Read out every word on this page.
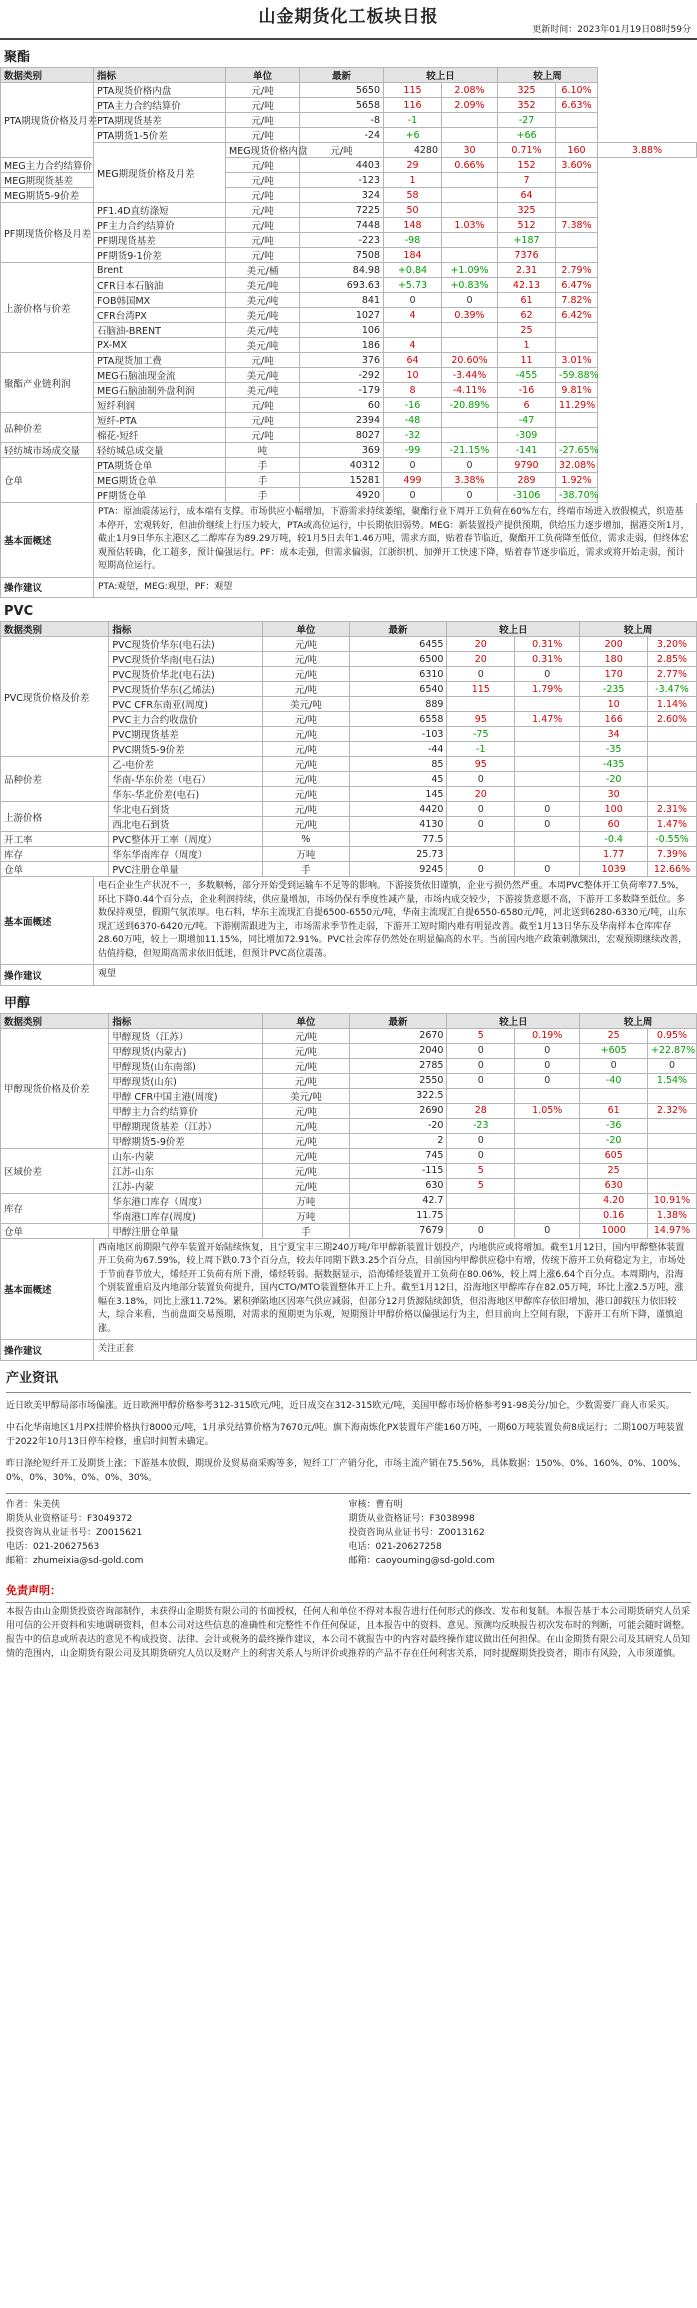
山金期货化工板块日报
更新时间：2023年01月19日08时59分
聚酯
数据类别	指标	单位	最新	较上日		较上周		
PTA期现货价格及月差	PTA现货价格内盘	元/吨	5650	115	2.08%	325	6.10%	
	PTA主力合约结算价	元/吨	5658	116	2.09%	352	6.63%	
	PTA期现货基差	元/吨	-8	-1		-27		
	PTA期货1-5价差	元/吨	-24	+6		+66		
	MEG期现货价格及月差	MEG现货价格内盘	元/吨	4280	30	0.71%	160	3.88%
MEG主力合约结算价		元/吨	4403	29	0.66%	152	3.60%	
MEG期现货基差		元/吨	-123	1		7		
MEG期货5-9价差		元/吨	324	58		64		
PF期现货价格及月差	PF1.4D直纺涤短	元/吨	7225	50		325		
	PF主力合约结算价	元/吨	7448	148	1.03%	512	7.38%	
	PF期现货基差	元/吨	-223	-98		+187		
	PF期货9-1价差	元/吨	7508	184		7376		
上游价格与价差	Brent	美元/桶	84.98	+0.84	+1.09%	2.31	2.79%	
	CFR日本石脑油	美元/吨	693.63	+5.73	+0.83%	42.13	6.47%	
	FOB韩国MX	美元/吨	841	0	0	61	7.82%	
	CFR台湾PX	美元/吨	1027	4	0.39%	62	6.42%	
	石脑油-BRENT	美元/吨	106			25		
	PX-MX	美元/吨	186	4		1		
聚酯产业链利润	PTA现货加工费	元/吨	376	64	20.60%	11	3.01%	
	MEG石脑油现金流	美元/吨	-292	10	-3.44%	-455	-59.88%	
	MEG石脑油制外盘利润	美元/吨	-179	8	-4.11%	-16	9.81%	
	短纤利润	元/吨	60	-16	-20.89%	6	11.29%	
品种价差	短纤-PTA	元/吨	2394	-48		-47		
	棉花-短纤	元/吨	8027	-32		-309		
轻纺城市场成交量	轻纺城总成交量	吨	369	-99	-21.15%	-141	-27.65%	
仓单	PTA期货仓单	手	40312	0	0	9790	32.08%	
	MEG期货仓单	手	15281	499	3.38%	289	1.92%	
	PF期货仓单	手	4920	0	0	-3106	-38.70%	
基本面概述
PTA：原油震荡运行，成本端有支撑。市场供应小幅增加，下游需求持续萎缩，聚酯行业下周开工负荷在60%左右，终端市场进入放假模式，织造基本停开，宏观转好，但油价继续上行压力较大，PTA或高位运行，中长期依旧弱势。MEG：新装置投产提供预期，供给压力逐步增加，据港交所1月，截止1月9日华东主港区乙二醇库存为89.29万吨，较1月5日去年1.46万吨，需求方面，贴着春节临近，聚酯开工负荷降至低位，需求走弱，但终体宏观预估转确，化工超多，预计偏强运行。PF：成本走强，但需求偏弱，江浙织机、加弹开工快速下降，贴着春节逐步临近，需求或将开始走弱，预计短期高位运行。
操作建议	PTA:观望，MEG:观望，PF：观望
PVC
数据类别	指标	单位	最新	较上日		较上周	
PVC现货价格及价差	PVC现货价华东(电石法)	元/吨	6455	20	0.31%	200	3.20%
	PVC现货价华南(电石法)	元/吨	6500	20	0.31%	180	2.85%
	PVC现货价华北(电石法)	元/吨	6310	0	0	170	2.77%
	PVC现货价华东(乙烯法)	元/吨	6540	115	1.79%	-235	-3.47%
	PVC CFR东南亚(周度)	美元/吨	889			10	1.14%
	PVC主力合约收盘价	元/吨	6558	95	1.47%	166	2.60%
	PVC期现货基差	元/吨	-103	-75		34	
	PVC期货5-9价差	元/吨	-44	-1		-35	
品种价差	乙-电价差	元/吨	85	95		-435	
	华南-华东价差（电石）	元/吨	45	0		-20	
	华东-华北价差(电石)	元/吨	145	20		30	
上游价格	华北电石到货	元/吨	4420	0	0	100	2.31%
	西北电石到货	元/吨	4130	0	0	60	1.47%
开工率	PVC整体开工率（周度）	%	77.5			-0.4	-0.55%
库存	华东华南库存（周度）	万吨	25.73			1.77	7.39%
仓单	PVC注册仓单量	手	9245	0	0	1039	12.66%
基本面概述
电石企业生产状况不一，多数顺畅，部分开始受到运输车不足等的影响。下游接货依旧谨慎，企业亏损仍然严重。本周PVC整体开工负荷率77.5%，环比下降0.44个百分点，企业利润持续，供应量增加，市场仍保有季度性减产量，市场内成交较少，下游接货意愿不高，下游开工多数降至低位。多数保持观望，假期气氛浓厚。电石料，华东主流现汇自提6500-6550元/吨，华南主流现汇自提6550-6580元/吨，河北送到6280-6330元/吨，山东现汇送到6370-6420元/吨。下游刚需跟进为主，市场需求季节性走弱，下游开工短时期内难有明显改善。截至1月13日华东及华南样本仓库库存28.60万吨，较上一期增加11.15%，同比增加72.91%。PVC社会库存仍然处在明显偏高的水平。当前国内地产政策刺激频出，宏观预期继续改善，估值持稳，但短期高需求依旧低迷，但预计PVC高位震荡。
操作建议	观望
甲醇
数据类别	指标	单位	最新	较上日		较上周	
甲醇现货价格及价差	甲醇现货（江苏）	元/吨	2670	5	0.19%	25	0.95%
	甲醇现货(内蒙古)	元/吨	2040	0	0	+605	+22.87%
	甲醇现货(山东南部)	元/吨	2785	0	0	0	0
	甲醇现货(山东)	元/吨	2550	0	0	-40	1.54%
	甲醇 CFR中国主港(周度)	美元/吨	322.5				
	甲醇主力合约结算价	元/吨	2690	28	1.05%	61	2.32%
	甲醇期现货基差（江苏）	元/吨	-20	-23		-36	
	甲醇期货5-9价差	元/吨	2	0		-20	
区域价差	山东-内蒙	元/吨	745	0		605	
	江苏-山东	元/吨	-115	5		25	
	江苏-内蒙	元/吨	630	5		630	
库存	华东港口库存（周度）	万吨	42.7			4.20	10.91%
	华南港口库存(周度)	万吨	11.75			0.16	1.38%
仓单	甲醇注册仓单量	手	7679	0	0	1000	14.97%
基本面概述
西南地区前期限气停车装置开始陆续恢复，且宁夏宝丰三期240万吨/年甲醇新装置计划投产，内地供应或将增加。截至1月12日，国内甲醇整体装置开工负荷为67.59%，较上周下跌0.73个百分点，较去年同期下跌3.25个百分点，目前国内甲醇供应稳中有增，传统下游开工负荷稳定为主，市场处于节前春节放大，烯烃开工负荷有所下滑，烯烃转弱。据数据显示，沿海烯烃装置开工负荷在80.06%，较上周上涨6.64个百分点。本周期内，沿海个别装置重启及内地部分装置负荷提升，国内CTO/MTO装置整体开工上升。截至1月12日，沿海地区甲醇库存在82.05万吨，环比上涨2.5万吨，涨幅在3.18%，同比上涨11.72%。累积弹陷地区因寒气供应减弱，但部分12月货源陆续卸货，但沿海地区甲醇库存依旧增加，港口卸载压力依旧较大，综合来看，当前盘面交易预期，对需求的预期更为乐观，短期预计甲醇价格以偏强运行为主，但目前向上空间有限，下游开工有所下降，谨慎追涨。
操作建议	关注正套
产业资讯

近日欧美甲醇局部市场偏涨。近日欧洲甲醇价格参考312-315欧元/吨，近日成交在312-315欧元/吨，美国甲醇市场价格参考91-98美分/加仑，少数需要厂商人市采买。

中石化华南地区1月PX挂牌价格执行8000元/吨，1月承兑结算价格为7670元/吨。旗下海南炼化PX装置年产能160万吨，一期60万吨装置负荷8成运行；二期100万吨装置于2022年10月13日停车检修，重启时间暂未确定。

昨日涤纶短纤开工及期货上涨；下游基本放假，期现价及贸易商采购等多，短纤工厂产销分化，市场主流产销在75.56%，具体数据：150%、0%、160%、0%、100%、0%、0%、30%、0%、0%、30%。

作者：朱美侠
期货从业资格证号：F3049372
投资咨询从业证书号：Z0015621
电话：021-20627563
邮箱：zhumeixia@sd-gold.com
审核：曹有明
期货从业资格证号：F3038998
投资咨询从业证书号：Z0013162
电话：021-20627258
邮箱：caoyouming@sd-gold.com
免责声明：
本报告由山金期货投资咨询部制作，未获得山金期货有限公司的书面授权，任何人和单位不得对本报告进行任何形式的修改、发布和复制。本报告基于本公司期货研究人员采用可信的公开资料和实地调研资料，但本公司对这些信息的准确性和完整性不作任何保证，且本报告中的资料、意见、预测均反映报告初次发布时的判断，可能会随时调整。报告中的信息或所表达的意见不构成投资、法律、会计或税务的最终操作建议，本公司不就报告中的内容对最终操作建议做出任何担保。在山金期货有限公司及其研究人员知情的范围内，山金期货有限公司及其期货研究人员以及财产上的利害关系人与所评价或推荐的产品不存在任何利害关系，同时提醒期货投资者，期市有风险，入市须谨慎。
